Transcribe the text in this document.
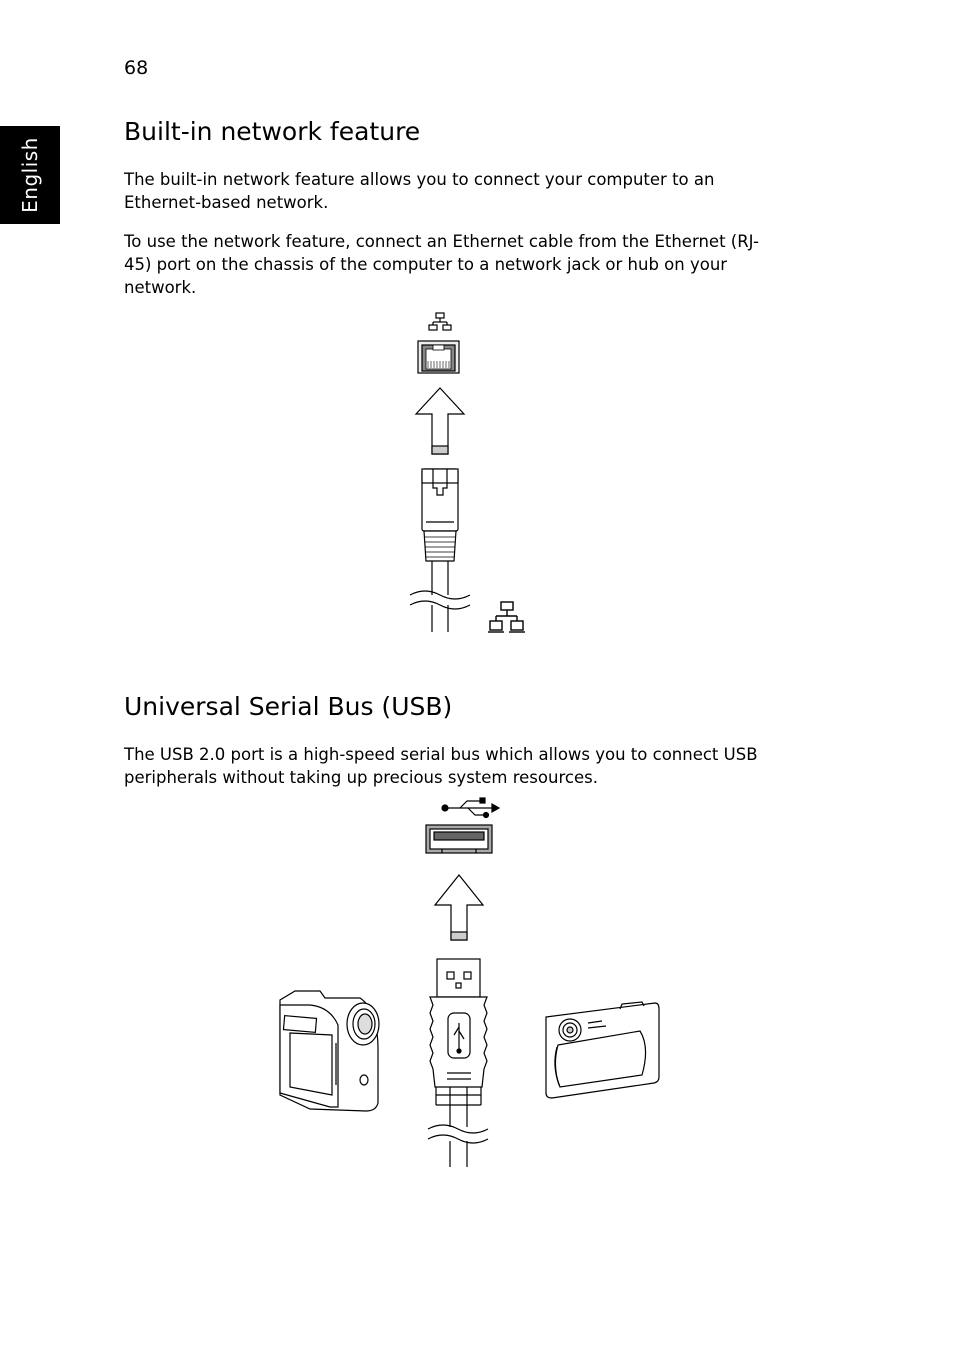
68
English
Built-in network feature

The built-in network feature allows you to connect your computer to an Ethernet-based network.

To use the network feature, connect an Ethernet cable from the Ethernet (RJ-45) port on the chassis of the computer to a network jack or hub on your network.

Universal Serial Bus (USB)

The USB 2.0 port is a high-speed serial bus which allows you to connect USB peripherals without taking up precious system resources.
